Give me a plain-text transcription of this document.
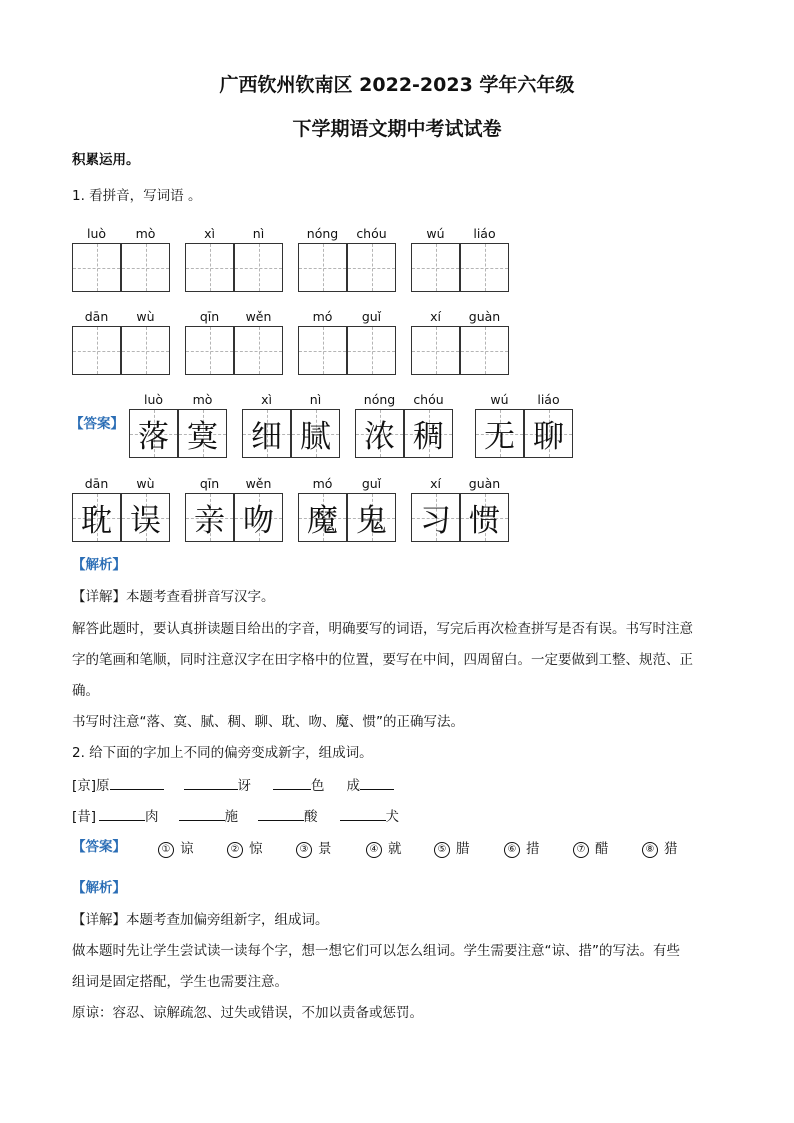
广西钦州钦南区 2022-2023 学年六年级
下学期语文期中考试试卷
积累运用。
1. 看拼音，写词语 。
luò	mò	xì	nì	nóng	chóu	wú	liáo
dān	wù	qīn	wěn	mó	guǐ	xí	guàn
【答案】
luò	mò
落 寞
xì	nì
细 腻
nóng	chóu
浓 稠
wú	liáo
无 聊
dān	wù
耽 误
qīn	wěn
亲 吻
mó	guǐ
魔 鬼
xí	guàn
习 惯
【解析】
【详解】本题考查看拼音写汉字。
解答此题时，要认真拼读题目给出的字音，明确要写的词语，写完后再次检查拼写是否有误。书写时注意
字的笔画和笔顺，同时注意汉字在田字格中的位置，要写在中间，四周留白。一定要做到工整、规范、正
确。
书写时注意“落、寞、腻、稠、聊、耽、吻、魔、惯”的正确写法。
2. 给下面的字加上不同的偏旁变成新字，组成词。
[京]原	讶	色 成
[昔]	肉	施	酸	犬
【答案】	① 谅	② 惊	③ 景	④ 就	⑤ 腊	⑥ 措	⑦ 醋	⑧ 猎
【解析】
【详解】本题考查加偏旁组新字，组成词。
做本题时先让学生尝试读一读每个字，想一想它们可以怎么组词。学生需要注意“谅、措”的写法。有些
组词是固定搭配，学生也需要注意。
原谅：容忍、谅解疏忽、过失或错误，不加以责备或惩罚。
